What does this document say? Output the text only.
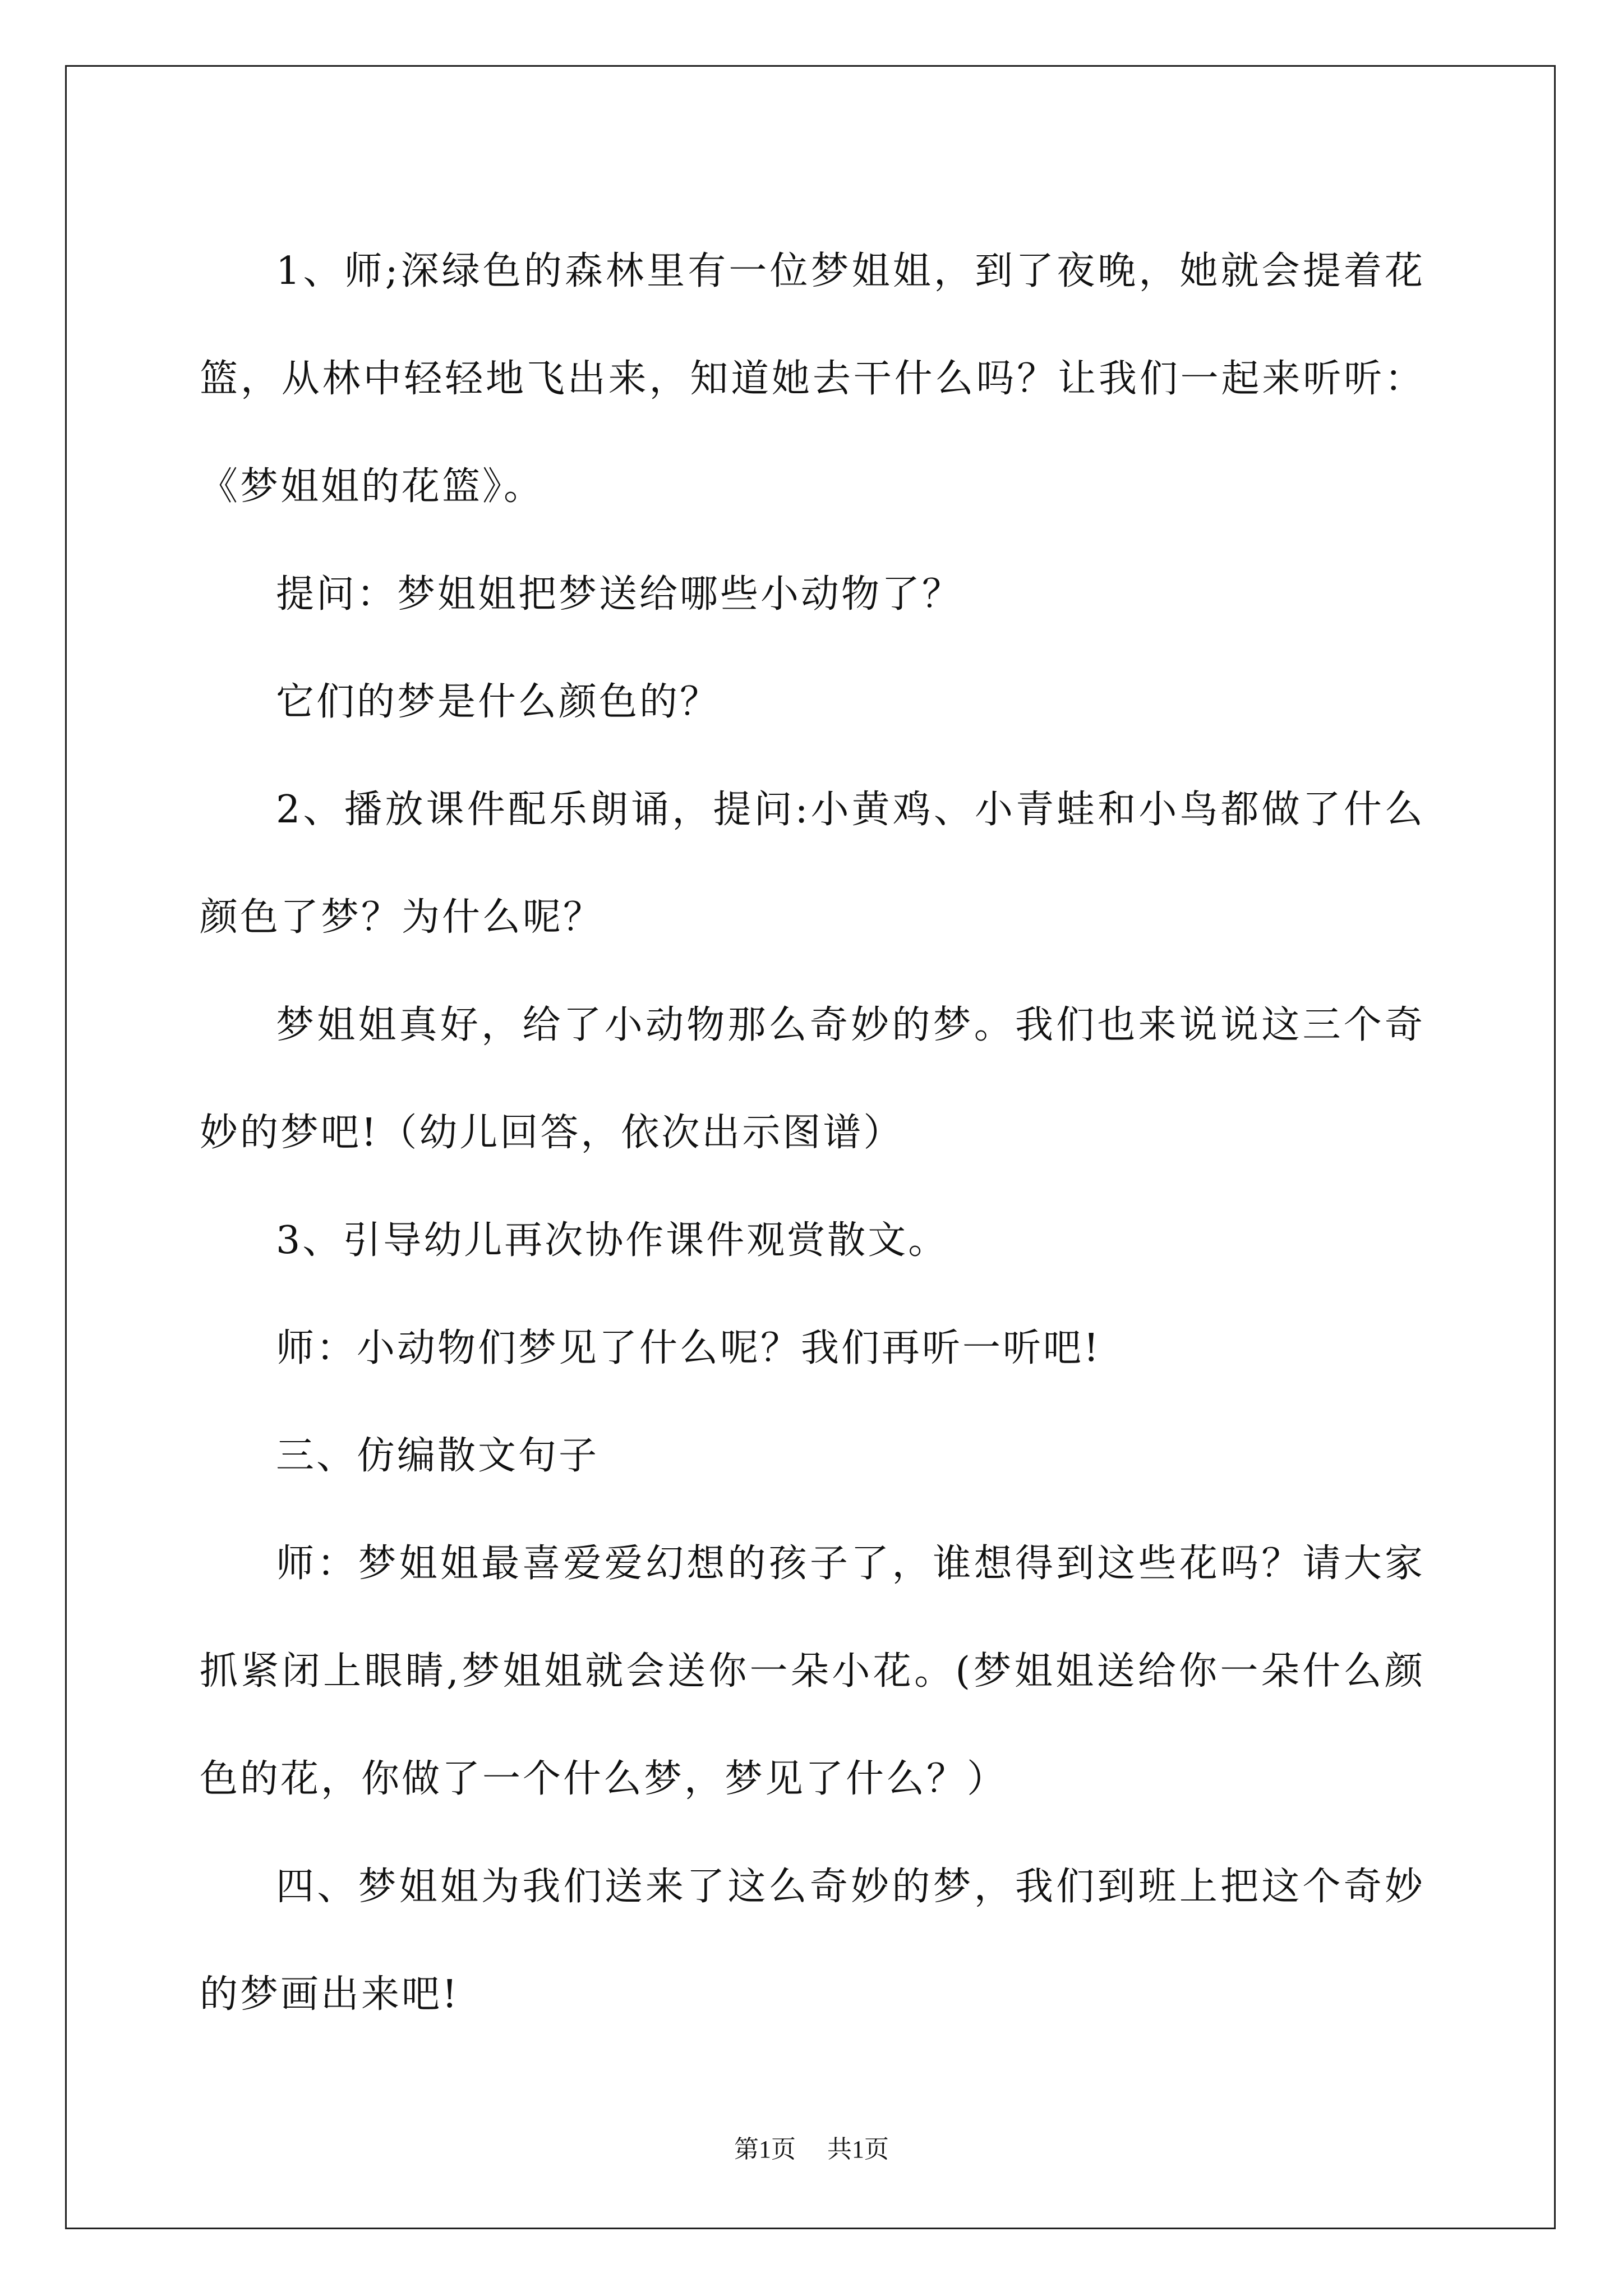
1、师;深绿色的森林里有一位梦姐姐，到了夜晚，她就会提着花篮，从林中轻轻地飞出来，知道她去干什么吗？让我们一起来听听：《梦姐姐的花篮》。

提问：梦姐姐把梦送给哪些小动物了？

它们的梦是什么颜色的？

2、播放课件配乐朗诵，提问:小黄鸡、小青蛙和小鸟都做了什么颜色了梦？为什么呢？

梦姐姐真好，给了小动物那么奇妙的梦。我们也来说说这三个奇妙的梦吧!（幼儿回答，依次出示图谱）

3、引导幼儿再次协作课件观赏散文。

师：小动物们梦见了什么呢？我们再听一听吧!

三、仿编散文句子

师：梦姐姐最喜爱爱幻想的孩子了，谁想得到这些花吗？请大家抓紧闭上眼睛,梦姐姐就会送你一朵小花。(梦姐姐送给你一朵什么颜色的花，你做了一个什么梦，梦见了什么？）

四、梦姐姐为我们送来了这么奇妙的梦，我们到班上把这个奇妙的梦画出来吧!

第1页 共1页
